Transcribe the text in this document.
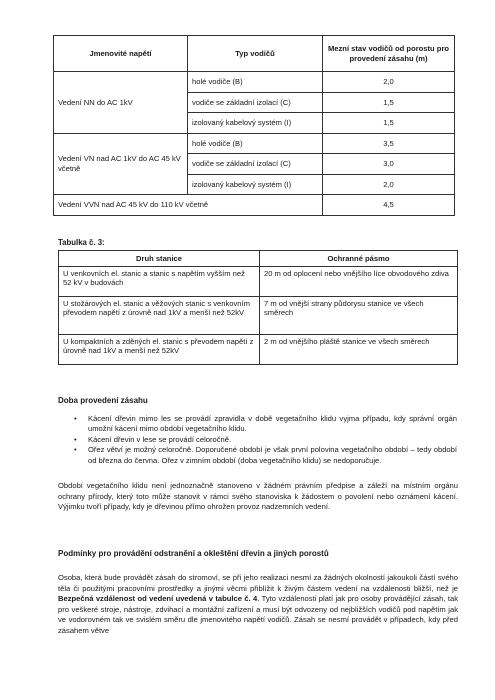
Jmenovité napětí	Typ vodičů	Mezní stav vodičů od porostu pro provedení zásahu (m)
Vedení NN do AC 1kV	holé vodiče (B)	2,0
	vodiče se základní izolací (C)	1,5
	izolovaný kabelový systém (I)	1,5
Vedení VN nad AC 1kV do AC 45 kV včetně	holé vodiče (B)	3,5
	vodiče se základní izolací (C)	3,0
	izolovaný kabelový systém (I)	2,0
Vedení VVN nad AC 45 kV do 110 kV včetně		4,5
Tabulka č. 3:
Druh stanice	Ochranné pásmo
U venkovních el. stanic a stanic s napětím vyšším než 52 kV v budovách	20 m od oplocení nebo vnějšího líce obvodového zdiva
U stožárových el. stanic a věžových stanic s venkovním převodem napětí z úrovně nad 1kV a menší než 52kV	7 m od vnější strany půdorysu stanice ve všech směrech
U kompaktních a zděných el. stanic s převodem napětí z úrovně nad 1kV a menší než 52kV	2 m od vnějšího pláště stanice ve všech směrech
Doba provedení zásahu
• Kácení dřevin mimo les se provádí zpravidla v době vegetačního klidu vyjma případu, kdy správní orgán umožní kácení mimo období vegetačního klidu.
• Kácení dřevin v lese se provádí celoročně.
• Ořez větví je možný celoročně. Doporučené období je však první polovina vegetačního období – tedy období od března do června. Ořez v zimním období (doba vegetačního klidu) se nedoporučuje.
Období vegetačního klidu není jednoznačně stanoveno v žádném právním předpise a záleží na místním orgánu ochrany přírody, který toto může stanovit v rámci svého stanoviska k žádostem o povolení nebo oznámení kácení. Výjimku tvoří případy, kdy je dřevinou přímo ohrožen provoz nadzemních vedení.
Podmínky pro provádění odstranění a okleštění dřevin a jiných porostů
Osoba, která bude provádět zásah do stromoví, se při jeho realizaci nesmí za žádných okolností jakoukoli částí svého těla či použitými pracovními prostředky a jinými věcmi přiblížit k živým částem vedení na vzdálenosti bližší, než je Bezpečná vzdálenost od vedení uvedená v tabulce č. 4. Tyto vzdálenosti platí jak pro osoby provádějící zásah, tak pro veškeré stroje, nástroje, zdvihací a montážní zařízení a musí být odvozeny od nejbližších vodičů pod napětím jak ve vodorovném tak ve svislém směru dle jmenovitého napětí vodičů. Zásah se nesmí provádět v případech, kdy před zásahem větve
